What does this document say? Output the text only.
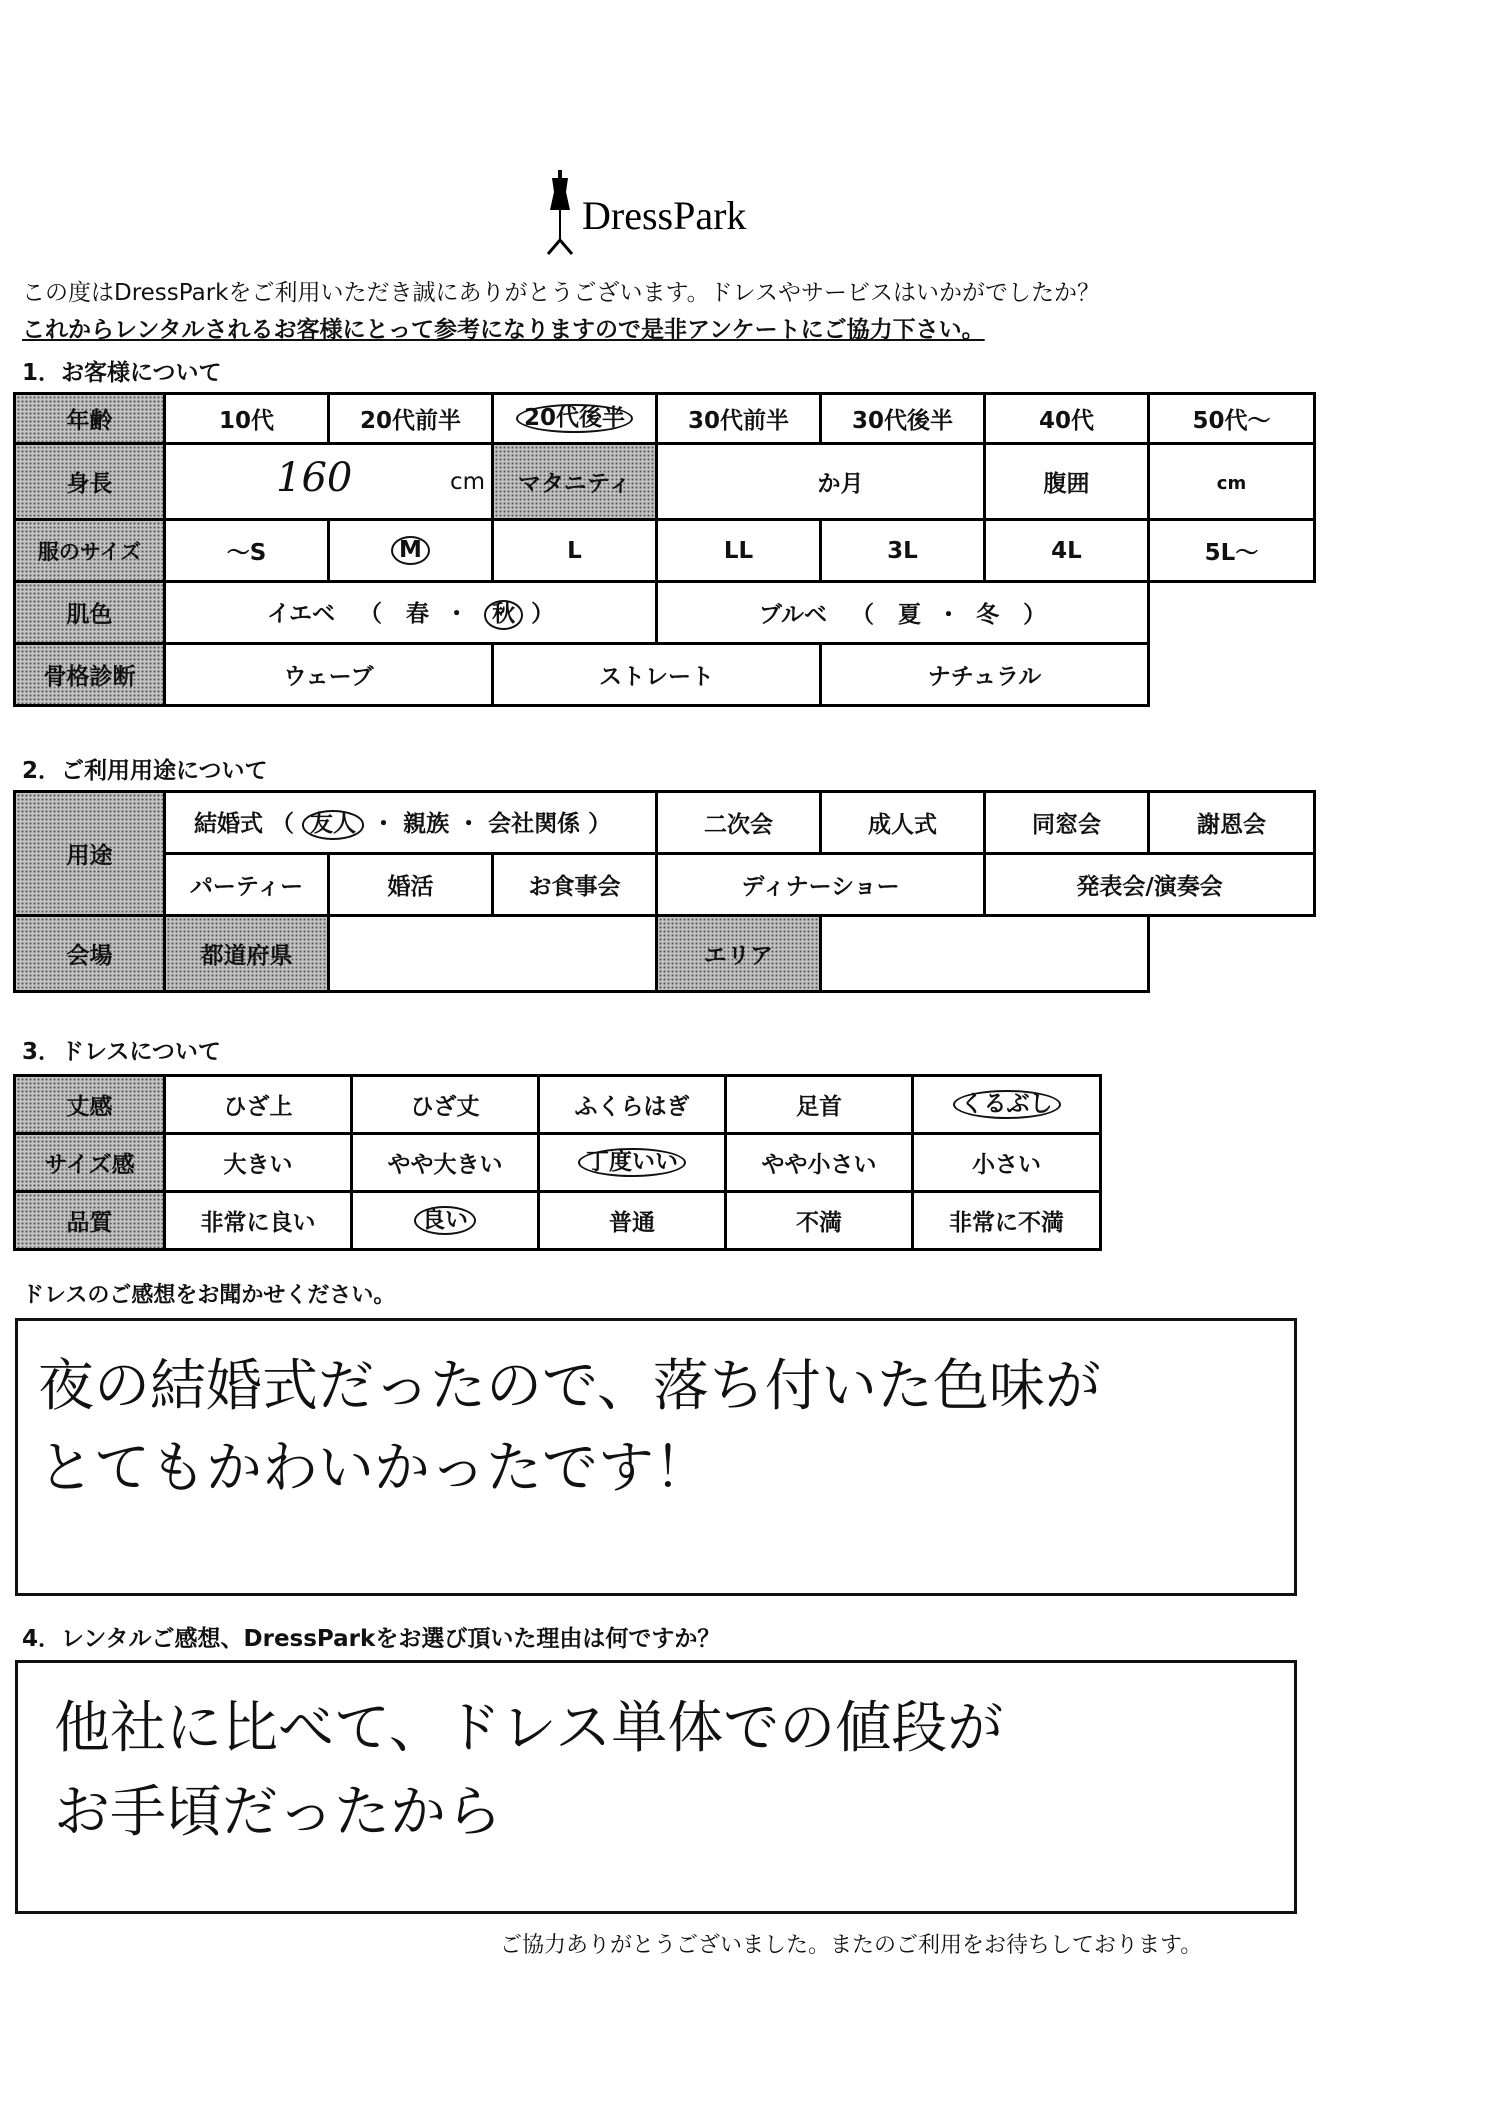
DressPark
この度はDressParkをご利用いただき誠にありがとうございます。ドレスやサービスはいかがでしたか？
これからレンタルされるお客様にとって参考になりますので是非アンケートにご協力下さい。
1．お客様について
年齢	10代	20代前半	20代後半	30代前半	30代後半	40代	50代～
身長	160 cm		マタニティ	か月		腹囲	cm
服のサイズ	～S	M	L	LL	3L	4L	5L～
肌色	イエベ   （   春  ・  秋 ）			ブルベ   （   夏  ・  冬   ）			
骨格診断	ウェーブ		ストレート		ナチュラル		
2．ご利用用途について
用途	結婚式 （ 友人 ・ 親族 ・ 会社関係 ）			二次会	成人式	同窓会	謝恩会
	パーティー	婚活	お食事会	ディナーショー		発表会/演奏会	
会場	都道府県			エリア			
3．ドレスについて
丈感	ひざ上	ひざ丈	ふくらはぎ	足首	くるぶし
サイズ感	大きい	やや大きい	丁度いい	やや小さい	小さい
品質	非常に良い	良い	普通	不満	非常に不満
ドレスのご感想をお聞かせください。
夜の結婚式だったので、落ち付いた色味が
とてもかわいかったです！
4．レンタルご感想、DressParkをお選び頂いた理由は何ですか？
他社に比べて、ドレス単体での値段が
お手頃だったから
ご協力ありがとうございました。またのご利用をお待ちしております。
